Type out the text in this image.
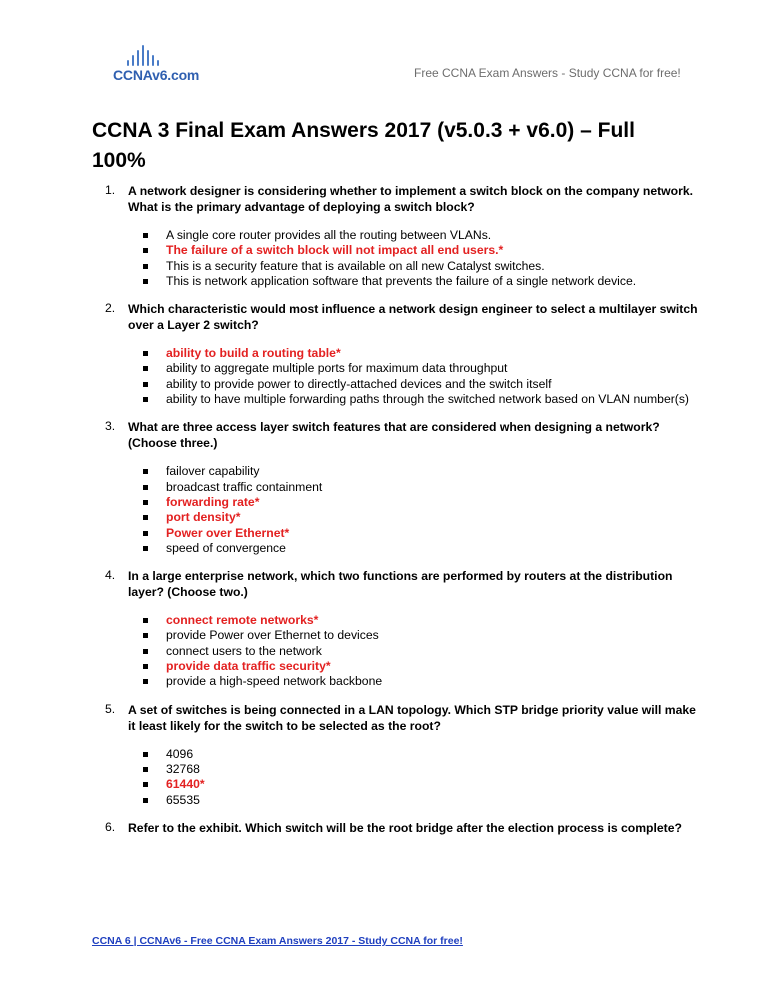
CCNAv6.com	Free CCNA Exam Answers - Study CCNA for free!
CCNA 3 Final Exam Answers 2017 (v5.0.3 + v6.0) – Full 100%
1. A network designer is considering whether to implement a switch block on the company network. What is the primary advantage of deploying a switch block?
A single core router provides all the routing between VLANs.
The failure of a switch block will not impact all end users.*
This is a security feature that is available on all new Catalyst switches.
This is network application software that prevents the failure of a single network device.
2. Which characteristic would most influence a network design engineer to select a multilayer switch over a Layer 2 switch?
ability to build a routing table*
ability to aggregate multiple ports for maximum data throughput
ability to provide power to directly-attached devices and the switch itself
ability to have multiple forwarding paths through the switched network based on VLAN number(s)
3. What are three access layer switch features that are considered when designing a network? (Choose three.)
failover capability
broadcast traffic containment
forwarding rate*
port density*
Power over Ethernet*
speed of convergence
4. In a large enterprise network, which two functions are performed by routers at the distribution layer? (Choose two.)
connect remote networks*
provide Power over Ethernet to devices
connect users to the network
provide data traffic security*
provide a high-speed network backbone
5. A set of switches is being connected in a LAN topology. Which STP bridge priority value will make it least likely for the switch to be selected as the root?
4096
32768
61440*
65535
6. Refer to the exhibit. Which switch will be the root bridge after the election process is complete?
CCNA 6 | CCNAv6 - Free CCNA Exam Answers 2017 - Study CCNA for free!
